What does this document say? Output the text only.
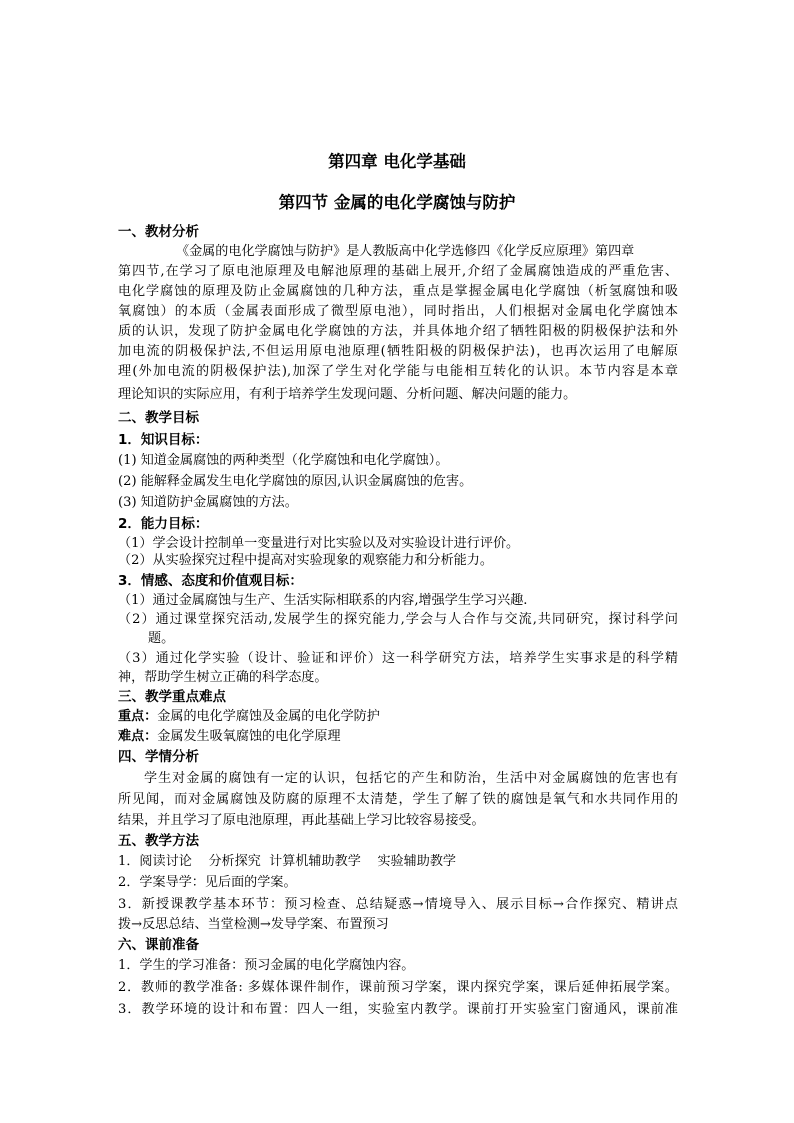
第四章 电化学基础
第四节 金属的电化学腐蚀与防护
一、教材分析
《金属的电化学腐蚀与防护》是人教版高中化学选修四《化学反应原理》第四章
第四节,在学习了原电池原理及电解池原理的基础上展开,介绍了金属腐蚀造成的严重危害、
电化学腐蚀的原理及防止金属腐蚀的几种方法，重点是掌握金属电化学腐蚀（析氢腐蚀和吸
氧腐蚀）的本质（金属表面形成了微型原电池），同时指出，人们根据对金属电化学腐蚀本
质的认识，发现了防护金属电化学腐蚀的方法，并具体地介绍了牺牲阳极的阴极保护法和外
加电流的阴极保护法,不但运用原电池原理(牺牲阳极的阴极保护法)，也再次运用了电解原
理(外加电流的阴极保护法),加深了学生对化学能与电能相互转化的认识。本节内容是本章
理论知识的实际应用，有利于培养学生发现问题、分析问题、解决问题的能力。
二、教学目标
1．知识目标：
(1) 知道金属腐蚀的两种类型（化学腐蚀和电化学腐蚀）。
(2) 能解释金属发生电化学腐蚀的原因,认识金属腐蚀的危害。
(3) 知道防护金属腐蚀的方法。
2．能力目标：
（1）学会设计控制单一变量进行对比实验以及对实验设计进行评价。
（2）从实验探究过程中提高对实验现象的观察能力和分析能力。
3．情感、态度和价值观目标：
（1）通过金属腐蚀与生产、生活实际相联系的内容,增强学生学习兴趣.
（2）通过课堂探究活动,发展学生的探究能力,学会与人合作与交流,共同研究，探讨科学问
题。
（3）通过化学实验（设计、验证和评价）这一科学研究方法，培养学生实事求是的科学精
神，帮助学生树立正确的科学态度。
三、教学重点难点
重点：金属的电化学腐蚀及金属的电化学防护
难点：金属发生吸氧腐蚀的电化学原理
四、学情分析
学生对金属的腐蚀有一定的认识，包括它的产生和防治，生活中对金属腐蚀的危害也有
所见闻，而对金属腐蚀及防腐的原理不太清楚，学生了解了铁的腐蚀是氧气和水共同作用的
结果，并且学习了原电池原理，再此基础上学习比较容易接受。
五、教学方法
1．阅读讨论    分析探究  计算机辅助教学    实验辅助教学
2．学案导学：见后面的学案。
3．新授课教学基本环节：预习检查、总结疑惑→情境导入、展示目标→合作探究、精讲点
拨→反思总结、当堂检测→发导学案、布置预习
六、课前准备
1．学生的学习准备：预习金属的电化学腐蚀内容。
2．教师的教学准备: 多媒体课件制作，课前预习学案，课内探究学案，课后延伸拓展学案。
3．教学环境的设计和布置：四人一组，实验室内教学。课前打开实验室门窗通风，课前准
